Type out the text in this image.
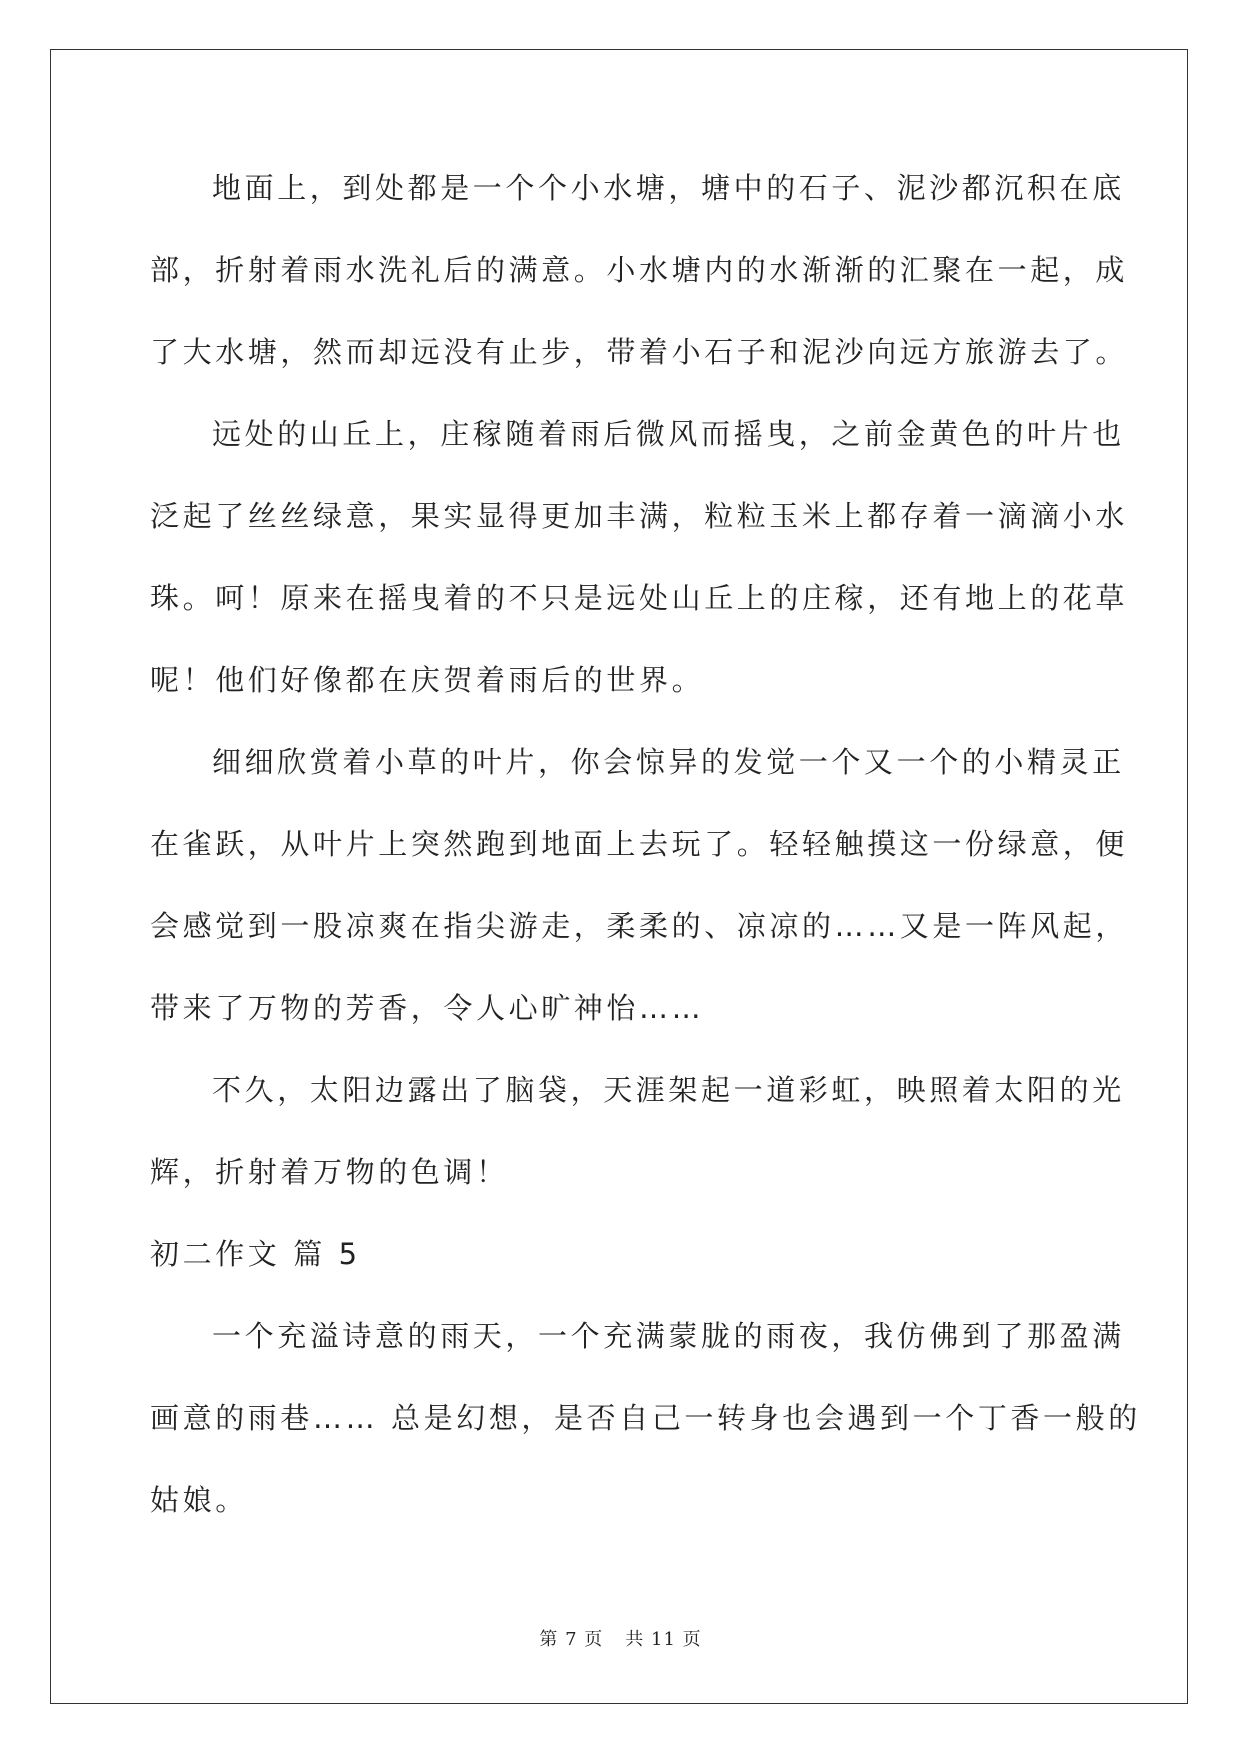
地面上，到处都是一个个小水塘，塘中的石子、泥沙都沉积在底
部，折射着雨水洗礼后的满意。小水塘内的水渐渐的汇聚在一起，成
了大水塘，然而却远没有止步，带着小石子和泥沙向远方旅游去了。

远处的山丘上，庄稼随着雨后微风而摇曳，之前金黄色的叶片也
泛起了丝丝绿意，果实显得更加丰满，粒粒玉米上都存着一滴滴小水
珠。呵！原来在摇曳着的不只是远处山丘上的庄稼，还有地上的花草
呢！他们好像都在庆贺着雨后的世界。

细细欣赏着小草的叶片，你会惊异的发觉一个又一个的小精灵正
在雀跃，从叶片上突然跑到地面上去玩了。轻轻触摸这一份绿意，便
会感觉到一股凉爽在指尖游走，柔柔的、凉凉的……又是一阵风起，
带来了万物的芳香，令人心旷神怡……

不久，太阳边露出了脑袋，天涯架起一道彩虹，映照着太阳的光
辉，折射着万物的色调！

初二作文 篇 5

一个充溢诗意的雨天，一个充满蒙胧的雨夜，我仿佛到了那盈满
画意的雨巷…… 总是幻想，是否自己一转身也会遇到一个丁香一般的
姑娘。

第 7 页 共 11 页
